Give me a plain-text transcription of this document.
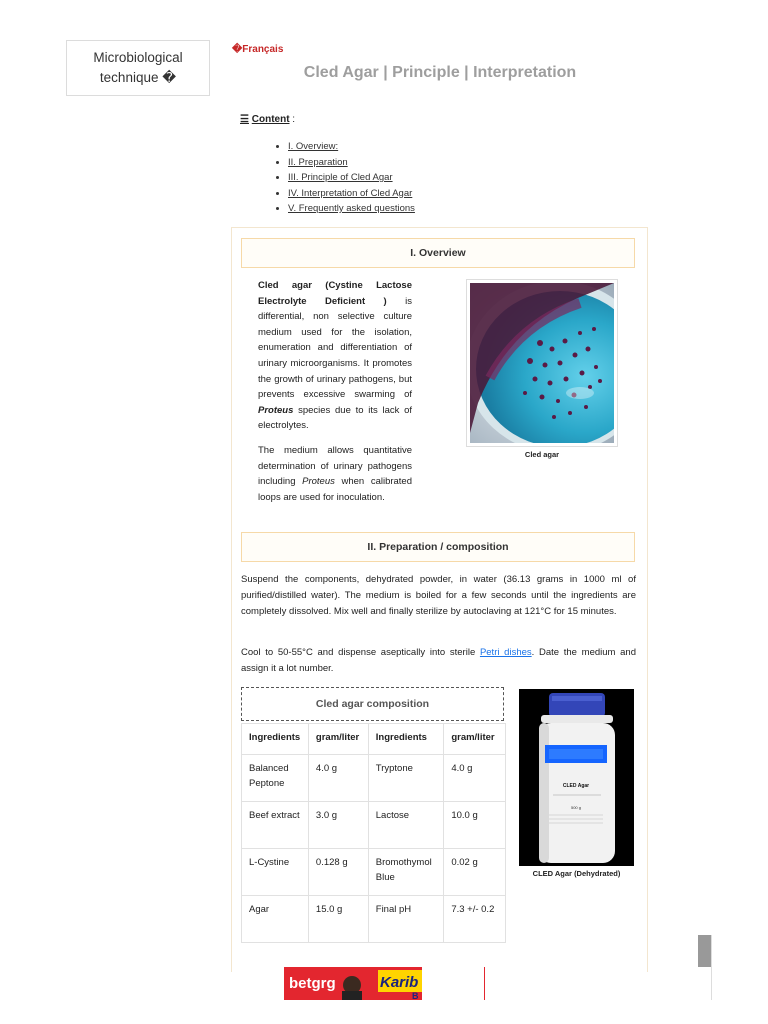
Microbiological
technique �
�Français
Cled Agar | Principle | Interpretation
☰ Content :
• I. Overview:
• II. Preparation
• III. Principle of Cled Agar
• IV. Interpretation of Cled Agar
• V. Frequently asked questions
I. Overview

Cled agar (Cystine Lactose Electrolyte Deficient ) is differential, non selective culture medium used for the isolation, enumeration and differentiation of urinary microorganisms. It promotes the growth of urinary pathogens, but prevents excessive swarming of Proteus species due to its lack of electrolytes.

The medium allows quantitative determination of urinary pathogens including Proteus when calibrated loops are used for inoculation.

Cled agar
II. Preparation / composition

Suspend the components, dehydrated powder, in water (36.13 grams in 1000 ml of purified/distilled water). The medium is boiled for a few seconds until the ingredients are completely dissolved. Mix well and finally sterilize by autoclaving at 121°C for 15 minutes.

Cool to 50-55°C and dispense aseptically into sterile Petri dishes. Date the medium and assign it a lot number.

Cled agar composition
Ingredients	gram/liter	Ingredients	gram/liter
Balanced Peptone	4.0 g	Tryptone	4.0 g
Beef extract	3.0 g	Lactose	10.0 g
L-Cystine	0.128 g	Bromothymol Blue	0.02 g
Agar	15.0 g	Final pH	7.3 +/- 0.2
CLED Agar
500 g
CLED Agar (Dehydrated)
betgrg	Karib
B
